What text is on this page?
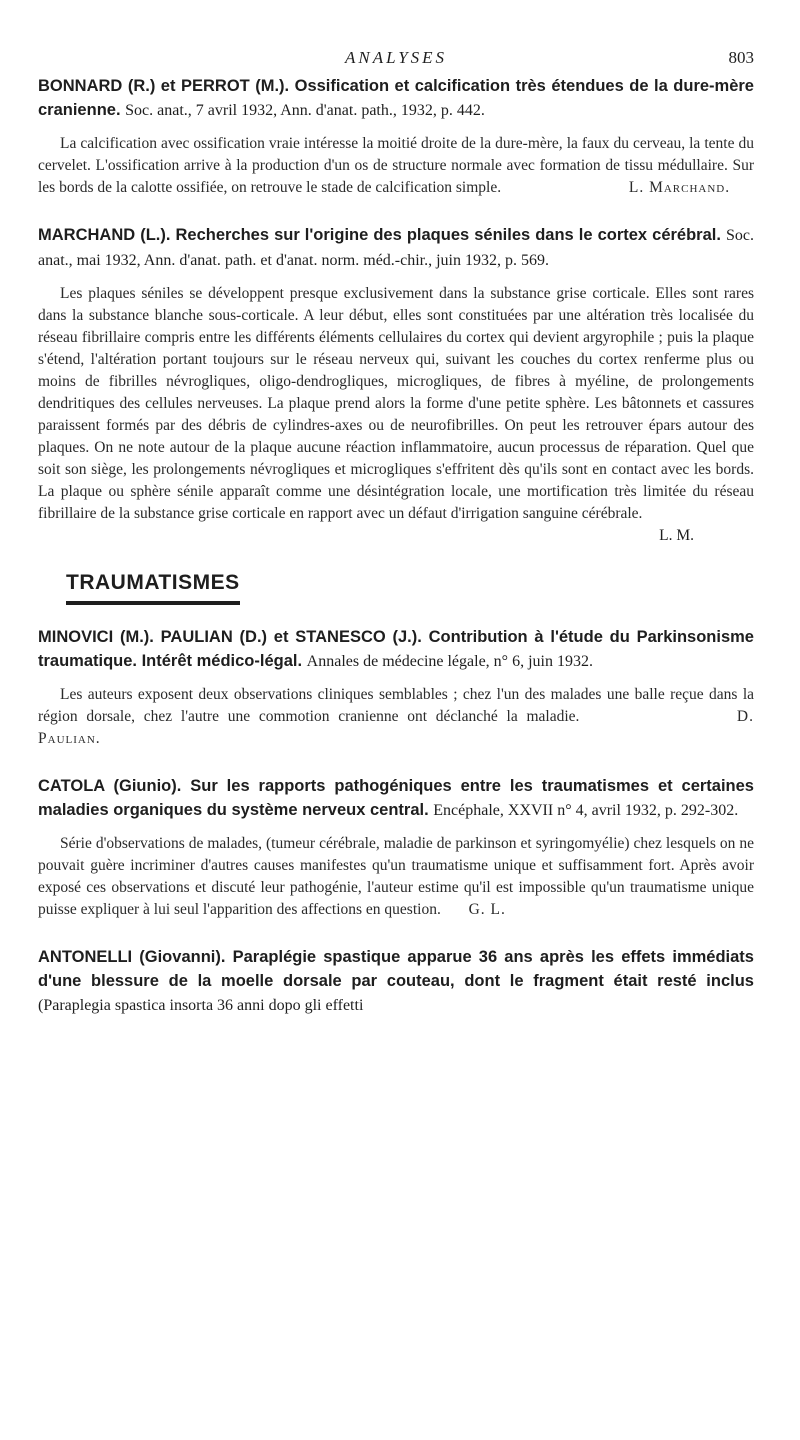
ANALYSES	803

BONNARD (R.) et PERROT (M.). Ossification et calcification très étendues de la dure-mère cranienne. Soc. anat., 7 avril 1932, Ann. d'anat. path., 1932, p. 442.

La calcification avec ossification vraie intéresse la moitié droite de la dure-mère, la faux du cerveau, la tente du cervelet. L'ossification arrive à la production d'un os de structure normale avec formation de tissu médullaire. Sur les bords de la calotte ossifiée, on retrouve le stade de calcification simple.	L. Marchand.

MARCHAND (L.). Recherches sur l'origine des plaques séniles dans le cortex cérébral. Soc. anat., mai 1932, Ann. d'anat. path. et d'anat. norm. méd.-chir., juin 1932, p. 569.

Les plaques séniles se développent presque exclusivement dans la substance grise corticale. Elles sont rares dans la substance blanche sous-corticale. A leur début, elles sont constituées par une altération très localisée du réseau fibrillaire compris entre les différents éléments cellulaires du cortex qui devient argyrophile ; puis la plaque s'étend, l'altération portant toujours sur le réseau nerveux qui, suivant les couches du cortex renferme plus ou moins de fibrilles névrogliques, oligo-dendrogliques, microgliques, de fibres à myéline, de prolongements dendritiques des cellules nerveuses. La plaque prend alors la forme d'une petite sphère. Les bâtonnets et cassures paraissent formés par des débris de cylindres-axes ou de neurofibrilles. On peut les retrouver épars autour des plaques. On ne note autour de la plaque aucune réaction inflammatoire, aucun processus de réparation. Quel que soit son siège, les prolongements névrogliques et microgliques s'effritent dès qu'ils sont en contact avec les bords. La plaque ou sphère sénile apparaît comme une désintégration locale, une mortification très limitée du réseau fibrillaire de la substance grise corticale en rapport avec un défaut d'irrigation sanguine cérébrale.

L. M.

TRAUMATISMES

MINOVICI (M.). PAULIAN (D.) et STANESCO (J.). Contribution à l'étude du Parkinsonisme traumatique. Intérêt médico-légal. Annales de médecine légale, n° 6, juin 1932.

Les auteurs exposent deux observations cliniques semblables ; chez l'un des malades une balle reçue dans la région dorsale, chez l'autre une commotion cranienne ont déclanché la maladie.	D. Paulian.

CATOLA (Giunio). Sur les rapports pathogéniques entre les traumatismes et certaines maladies organiques du système nerveux central. Encéphale, XXVII n° 4, avril 1932, p. 292-302.

Série d'observations de malades, (tumeur cérébrale, maladie de parkinson et syringomyélie) chez lesquels on ne pouvait guère incriminer d'autres causes manifestes qu'un traumatisme unique et suffisamment fort. Après avoir exposé ces observations et discuté leur pathogénie, l'auteur estime qu'il est impossible qu'un traumatisme unique puisse expliquer à lui seul l'apparition des affections en question. G. L.

ANTONELLI (Giovanni). Paraplégie spastique apparue 36 ans après les effets immédiats d'une blessure de la moelle dorsale par couteau, dont le fragment était resté inclus (Paraplegia spastica insorta 36 anni dopo gli effetti
